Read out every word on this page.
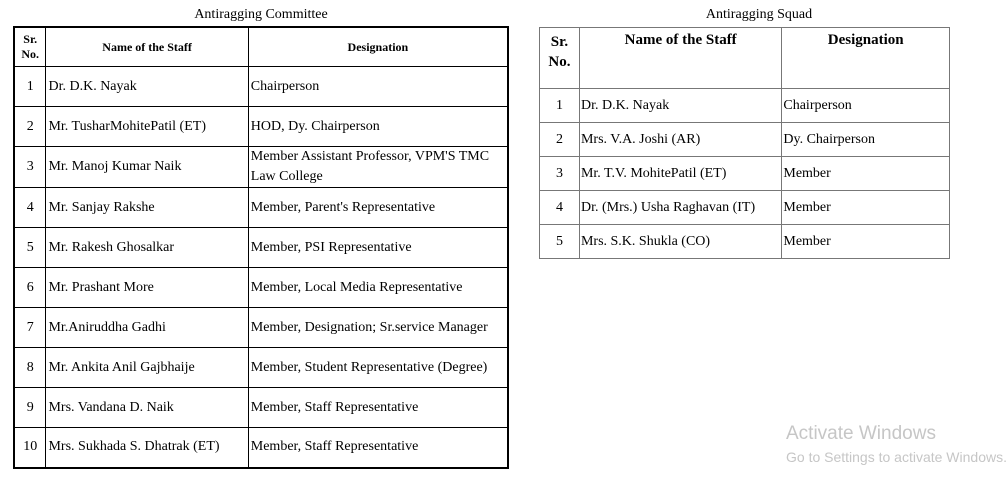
Antiragging Committee
Sr. No.	Name of the Staff	Designation
1	Dr. D.K. Nayak	Chairperson
2	Mr. TusharMohitePatil (ET)	HOD, Dy. Chairperson
3	Mr. Manoj Kumar Naik	Member Assistant Professor, VPM'S TMC Law College
4	Mr. Sanjay Rakshe	Member, Parent's Representative
5	Mr. Rakesh Ghosalkar	Member, PSI Representative
6	Mr. Prashant More	Member, Local Media Representative
7	Mr.Aniruddha Gadhi	Member, Designation; Sr.service Manager
8	Mr. Ankita Anil Gajbhaije	Member, Student Representative (Degree)
9	Mrs. Vandana D. Naik	Member, Staff Representative
10	Mrs. Sukhada S. Dhatrak (ET)	Member, Staff Representative
Antiragging Squad
Sr. No.	Name of the Staff	Designation
1	Dr. D.K. Nayak	Chairperson
2	Mrs. V.A. Joshi (AR)	Dy. Chairperson
3	Mr. T.V. MohitePatil (ET)	Member
4	Dr. (Mrs.) Usha Raghavan (IT)	Member
5	Mrs. S.K. Shukla (CO)	Member
Activate Windows
Go to Settings to activate Windows.
